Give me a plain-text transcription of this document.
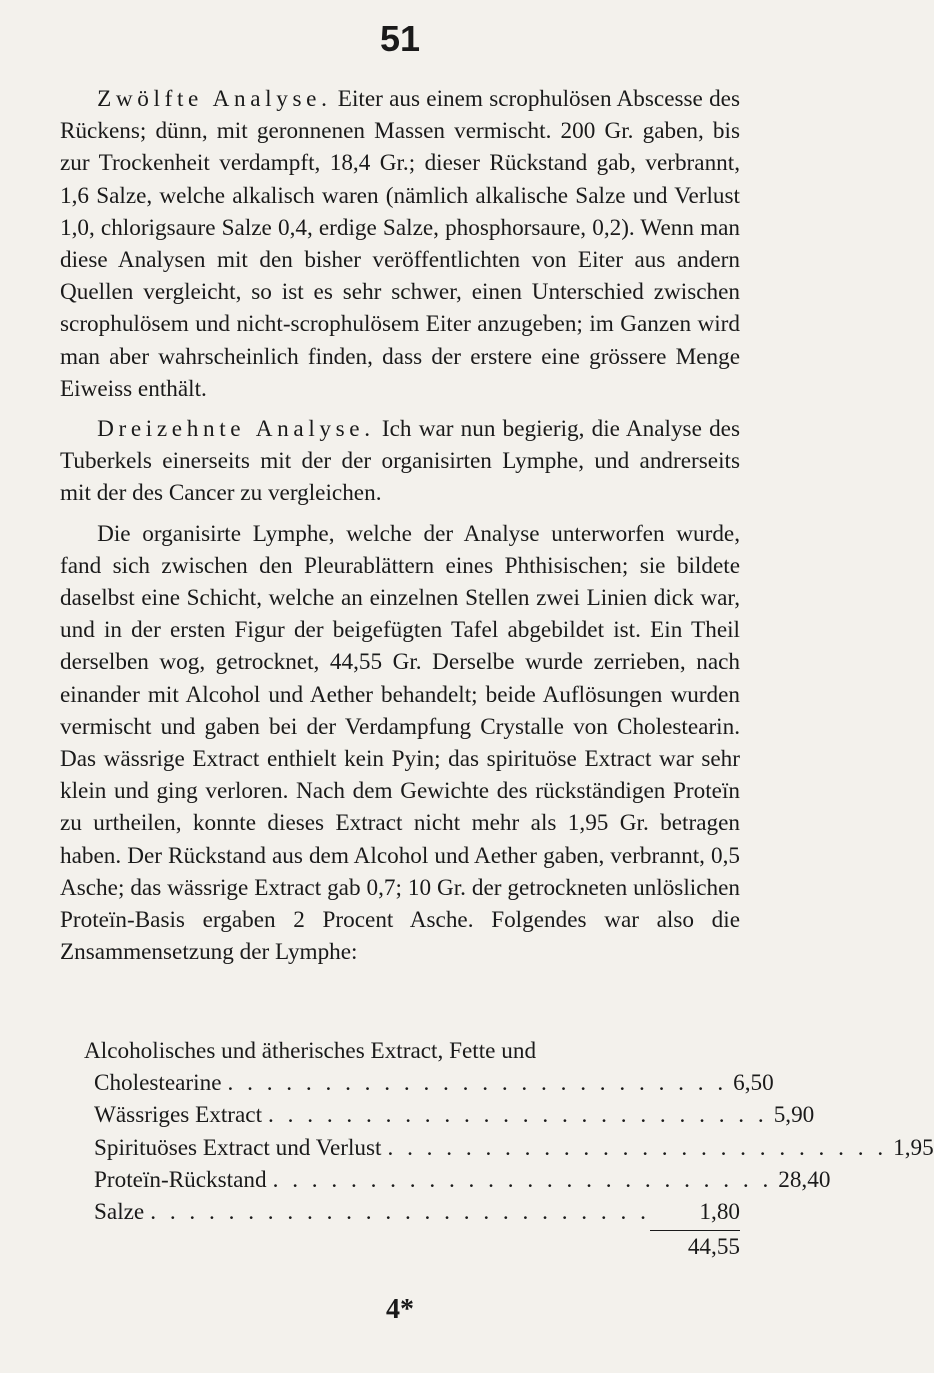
51

Zwölfte Analyse. Eiter aus einem scrophulösen Abscesse des Rückens; dünn, mit geronnenen Massen vermischt. 200 Gr. gaben, bis zur Trockenheit verdampft, 18,4 Gr.; dieser Rückstand gab, verbrannt, 1,6 Salze, welche alkalisch waren (nämlich alkalische Salze und Verlust 1,0, chlorigsaure Salze 0,4, erdige Salze, phosphorsaure, 0,2). Wenn man diese Analysen mit den bisher veröffentlichten von Eiter aus andern Quellen vergleicht, so ist es sehr schwer, einen Unterschied zwischen scrophulösem und nicht-scrophulösem Eiter anzugeben; im Ganzen wird man aber wahrscheinlich finden, dass der erstere eine grössere Menge Eiweiss enthält.

Dreizehnte Analyse. Ich war nun begierig, die Analyse des Tuberkels einerseits mit der der organisirten Lymphe, und andrerseits mit der des Cancer zu vergleichen.

Die organisirte Lymphe, welche der Analyse unterworfen wurde, fand sich zwischen den Pleurablättern eines Phthisischen; sie bildete daselbst eine Schicht, welche an einzelnen Stellen zwei Linien dick war, und in der ersten Figur der beigefügten Tafel abgebildet ist. Ein Theil derselben wog, getrocknet, 44,55 Gr. Derselbe wurde zerrieben, nach einander mit Alcohol und Aether behandelt; beide Auflösungen wurden vermischt und gaben bei der Verdampfung Crystalle von Cholestearin. Das wässrige Extract enthielt kein Pyin; das spirituöse Extract war sehr klein und ging verloren. Nach dem Gewichte des rückständigen Proteïn zu urtheilen, konnte dieses Extract nicht mehr als 1,95 Gr. betragen haben. Der Rückstand aus dem Alcohol und Aether gaben, verbrannt, 0,5 Asche; das wässrige Extract gab 0,7; 10 Gr. der getrockneten unlöslichen Proteïn-Basis ergaben 2 Procent Asche. Folgendes war also die Znsammensetzung der Lymphe:

Alcoholisches und ätherisches Extract, Fette und
Cholestearine . . . . . . . . . . . . . . . . . . . . . . . . . . 6,50
Wässriges Extract . . . . . . . . . . . . . . . . . . . . . . . . . . 5,90
Spirituöses Extract und Verlust . . . . . . . . . . . . . . . . . . . . . . . . . . 1,95
Proteïn-Rückstand . . . . . . . . . . . . . . . . . . . . . . . . . . 28,40
Salze . . . . . . . . . . . . . . . . . . . . . . . . . .	1,80
44,55
4*
